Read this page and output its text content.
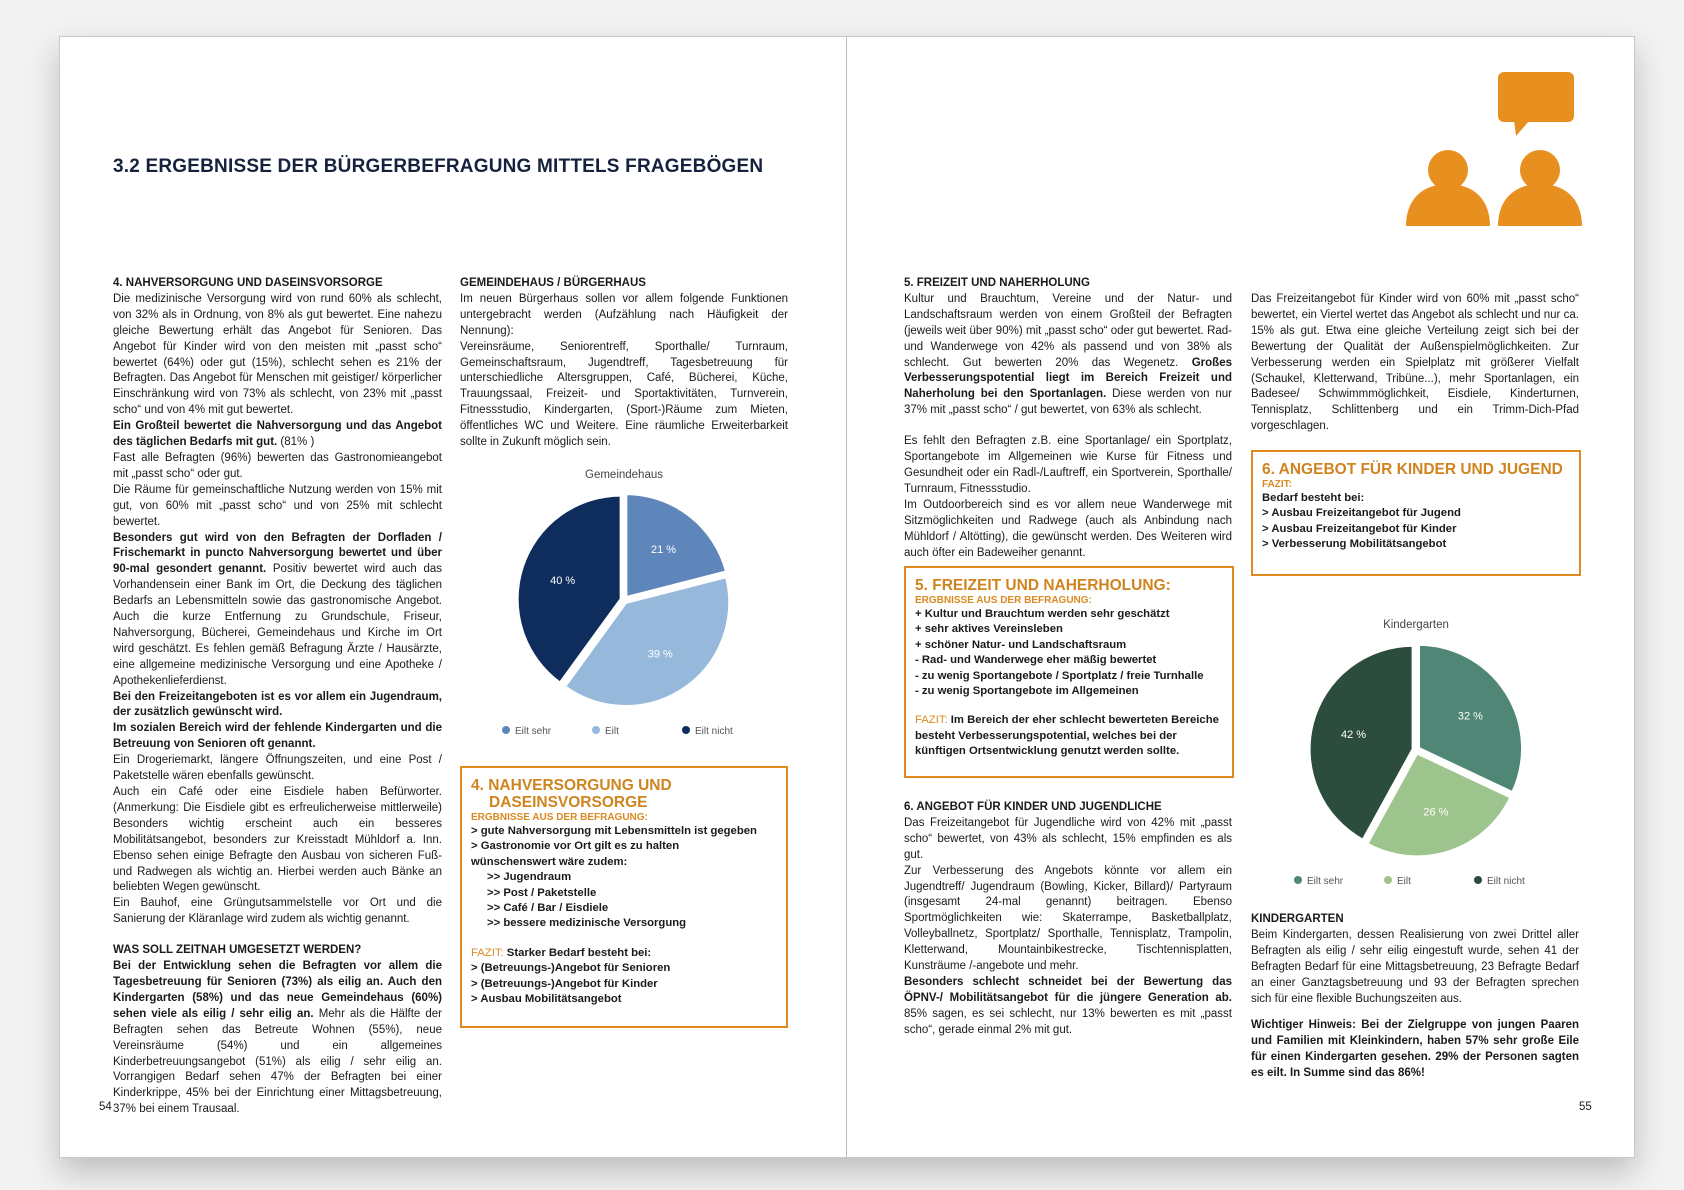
3.2 ERGEBNISSE DER BÜRGERBEFRAGUNG MITTELS FRAGEBÖGEN

4. NAHVERSORGUNG UND DASEINSVORSORGE

Die medizinische Versorgung wird von rund 60% als schlecht, von 32% als in Ordnung, von 8% als gut bewertet. Eine nahezu gleiche Bewertung erhält das Angebot für Senioren. Das Angebot für Kinder wird von den meisten mit „passt scho“ bewertet (64%) oder gut (15%), schlecht sehen es 21% der Befragten. Das Angebot für Menschen mit geistiger/ körperlicher Einschränkung wird von 73% als schlecht, von 23% mit „passt scho“ und von 4% mit gut bewertet.

Ein Großteil bewertet die Nahversorgung und das Angebot des täglichen Bedarfs mit gut. (81% )

Fast alle Befragten (96%) bewerten das Gastronomieangebot mit „passt scho“ oder gut.

Die Räume für gemeinschaftliche Nutzung werden von 15% mit gut, von 60% mit „passt scho“ und von 25% mit schlecht bewertet.

Besonders gut wird von den Befragten der Dorfladen / Frischemarkt in puncto Nahversorgung bewertet und über 90-mal gesondert genannt. Positiv bewertet wird auch das Vorhandensein einer Bank im Ort, die Deckung des täglichen Bedarfs an Lebensmitteln sowie das gastronomische Angebot. Auch die kurze Entfernung zu Grundschule, Friseur, Nahversorgung, Bücherei, Gemeindehaus und Kirche im Ort wird geschätzt. Es fehlen gemäß Befragung Ärzte / Hausärzte, eine allgemeine medizinische Versorgung und eine Apotheke / Apothekenlieferdienst.

Bei den Freizeitangeboten ist es vor allem ein Jugendraum, der zusätzlich gewünscht wird.

Im sozialen Bereich wird der fehlende Kindergarten und die Betreuung von Senioren oft genannt.

Ein Drogeriemarkt, längere Öffnungszeiten, und eine Post / Paketstelle wären ebenfalls gewünscht.

Auch ein Café oder eine Eisdiele haben Befürworter. (Anmerkung: Die Eisdiele gibt es erfreulicherweise mittlerweile) Besonders wichtig erscheint auch ein besseres Mobilitätsangebot, besonders zur Kreisstadt Mühldorf a. Inn. Ebenso sehen einige Befragte den Ausbau von sicheren Fuß-und Radwegen als wichtig an. Hierbei werden auch Bänke an beliebten Wegen gewünscht.

Ein Bauhof, eine Grüngutsammelstelle vor Ort und die Sanierung der Kläranlage wird zudem als wichtig genannt.

WAS SOLL ZEITNAH UMGESETZT WERDEN?

Bei der Entwicklung sehen die Befragten vor allem die Tagesbetreuung für Senioren (73%) als eilig an. Auch den Kindergarten (58%) und das neue Gemeindehaus (60%) sehen viele als eilig / sehr eilig an. Mehr als die Hälfte der Befragten sehen das Betreute Wohnen (55%), neue Vereinsräume (54%) und ein allgemeines Kinderbetreuungsangebot (51%) als eilig / sehr eilig an. Vorrangigen Bedarf sehen 47% der Befragten bei einer Kinderkrippe, 45% bei der Einrichtung einer Mittagsbetreuung, 37% bei einem Trausaal.

GEMEINDEHAUS / BÜRGERHAUS

Im neuen Bürgerhaus sollen vor allem folgende Funktionen untergebracht werden (Aufzählung nach Häufigkeit der Nennung):

Vereinsräume, Seniorentreff, Sporthalle/ Turnraum, Gemeinschaftsraum, Jugendtreff, Tagesbetreuung für unterschiedliche Altersgruppen, Café, Bücherei, Küche, Trauungssaal, Freizeit- und Sportaktivitäten, Turnverein, Fitnessstudio, Kindergarten, (Sport-)Räume zum Mieten, öffentliches WC und Weitere. Eine räumliche Erweiterbarkeit sollte in Zukunft möglich sein.

Gemeindehaus
21 %
39 %
40 %
Eilt sehr	Eilt	Eilt nicht
4. NAHVERSORGUNG UND
DASEINSVORSORGE
ERGBNISSE AUS DER BEFRAGUNG:
> gute Nahversorgung mit Lebensmitteln ist gegeben
> Gastronomie vor Ort gilt es zu halten
wünschenswert wäre zudem:
>> Jugendraum
>> Post / Paketstelle
>> Café / Bar / Eisdiele
>> bessere medizinische Versorgung
FAZIT: Starker Bedarf besteht bei:
> (Betreuungs-)Angebot für Senioren
> (Betreuungs-)Angebot für Kinder
> Ausbau Mobilitätsangebot
54

5. FREIZEIT UND NAHERHOLUNG

Kultur und Brauchtum, Vereine und der Natur- und Landschaftsraum werden von einem Großteil der Befragten (jeweils weit über 90%) mit „passt scho“ oder gut bewertet. Rad- und Wanderwege von 42% als passend und von 38% als schlecht. Gut bewerten 20% das Wegenetz. Großes Verbesserungspotential liegt im Bereich Freizeit und Naherholung bei den Sportanlagen. Diese werden von nur 37% mit „passt scho“ / gut bewertet, von 63% als schlecht.

Es fehlt den Befragten z.B. eine Sportanlage/ ein Sportplatz, Sportangebote im Allgemeinen wie Kurse für Fitness und Gesundheit oder ein Radl-/Lauftreff, ein Sportverein, Sporthalle/ Turnraum, Fitnessstudio.

Im Outdoorbereich sind es vor allem neue Wanderwege mit Sitzmöglichkeiten und Radwege (auch als Anbindung nach Mühldorf / Altötting), die gewünscht werden. Des Weiteren wird auch öfter ein Badeweiher genannt.

5. FREIZEIT UND NAHERHOLUNG:
ERGBNISSE AUS DER BEFRAGUNG:
+ Kultur und Brauchtum werden sehr geschätzt
+ sehr aktives Vereinsleben
+ schöner Natur- und Landschaftsraum
- Rad- und Wanderwege eher mäßig bewertet
- zu wenig Sportangebote / Sportplatz / freie Turnhalle
- zu wenig Sportangebote im Allgemeinen
FAZIT: Im Bereich der eher schlecht bewerteten Bereiche besteht Verbesserungspotential, welches bei der künftigen Ortsentwicklung genutzt werden sollte.

6. ANGEBOT FÜR KINDER UND JUGENDLICHE

Das Freizeitangebot für Jugendliche wird von 42% mit „passt scho“ bewertet, von 43% als schlecht, 15% empfinden es als gut.

Zur Verbesserung des Angebots könnte vor allem ein Jugendtreff/ Jugendraum (Bowling, Kicker, Billard)/ Partyraum (insgesamt 24-mal genannt) beitragen. Ebenso Sportmöglichkeiten wie: Skaterrampe, Basketballplatz, Volleyballnetz, Sportplatz/ Sporthalle, Tennisplatz, Trampolin, Kletterwand, Mountainbikestrecke, Tischtennisplatten, Kunsträume /-angebote und mehr.

Besonders schlecht schneidet bei der Bewertung das ÖPNV-/ Mobilitätsangebot für die jüngere Generation ab. 85% sagen, es sei schlecht, nur 13% bewerten es mit „passt scho“, gerade einmal 2% mit gut.

Das Freizeitangebot für Kinder wird von 60% mit „passt scho“ bewertet, ein Viertel wertet das Angebot als schlecht und nur ca. 15% als gut. Etwa eine gleiche Verteilung zeigt sich bei der Bewertung der Qualität der Außenspielmöglichkeiten. Zur Verbesserung werden ein Spielplatz mit größerer Vielfalt (Schaukel, Kletterwand, Tribüne...), mehr Sportanlagen, ein Badesee/ Schwimmmöglichkeit, Eisdiele, Kinderturnen, Tennisplatz, Schlittenberg und ein Trimm-Dich-Pfad vorgeschlagen.

6. ANGEBOT FÜR KINDER UND JUGEND
FAZIT:
Bedarf besteht bei:
> Ausbau Freizeitangebot für Jugend
> Ausbau Freizeitangebot für Kinder
> Verbesserung Mobilitätsangebot
Kindergarten
32 %
26 %
42 %
Eilt sehr	Eilt	Eilt nicht

KINDERGARTEN

Beim Kindergarten, dessen Realisierung von zwei Drittel aller Befragten als eilig / sehr eilig eingestuft wurde, sehen 41 der Befragten Bedarf für eine Mittagsbetreuung, 23 Befragte Bedarf an einer Ganztagsbetreuung und 93 der Befragten sprechen sich für eine flexible Buchungszeiten aus.

Wichtiger Hinweis: Bei der Zielgruppe von jungen Paaren und Familien mit Kleinkindern, haben 57% sehr große Eile für einen Kindergarten gesehen. 29% der Personen sagten es eilt. In Summe sind das 86%!

55
